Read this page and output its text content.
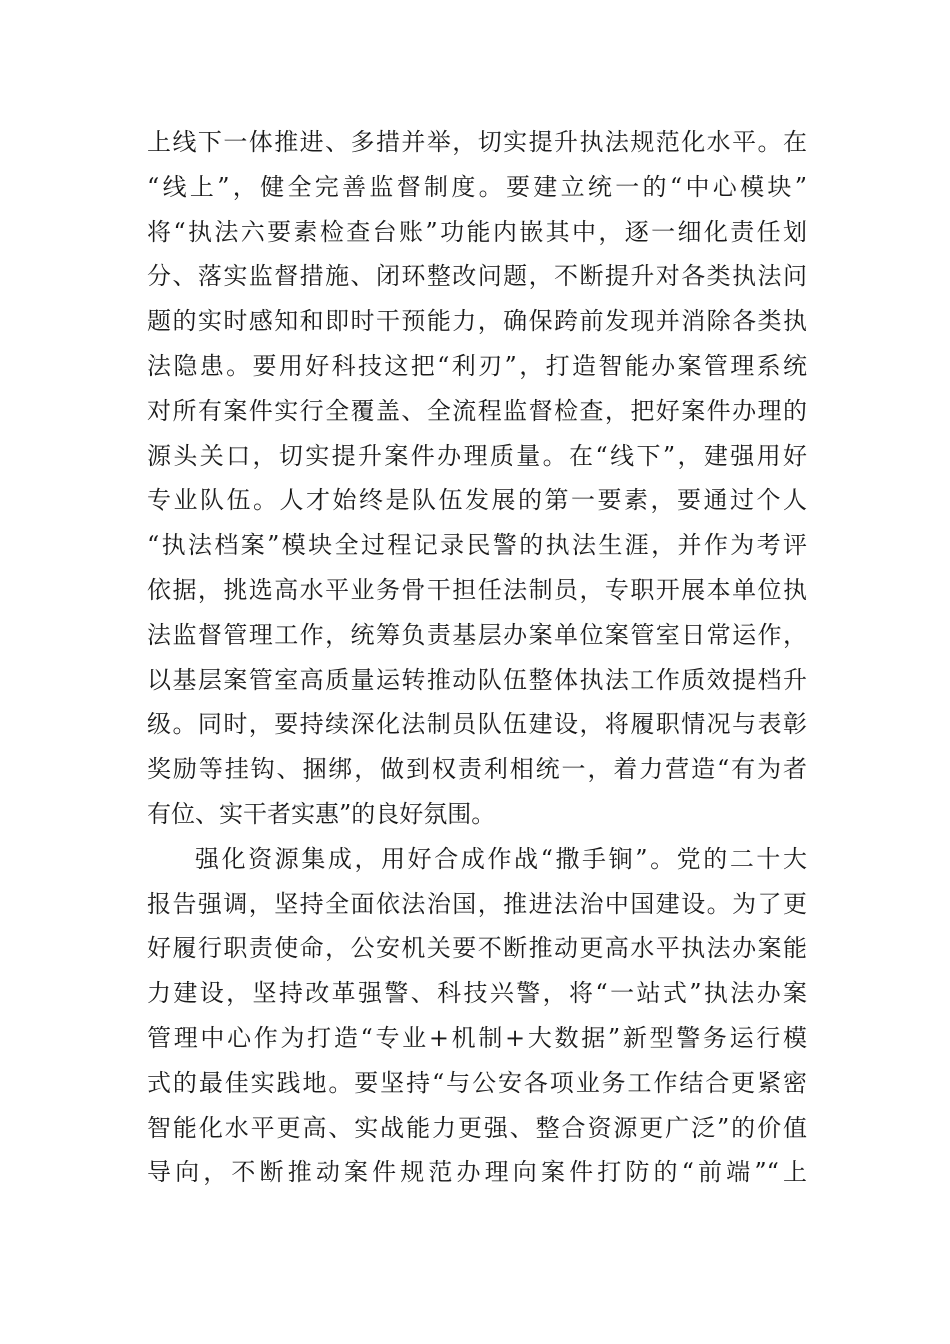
上线下一体推进、多措并举，切实提升执法规范化水平。在
“线上”，健全完善监督制度。要建立统一的“中心模块”
将“执法六要素检查台账”功能内嵌其中，逐一细化责任划
分、落实监督措施、闭环整改问题，不断提升对各类执法问
题的实时感知和即时干预能力，确保跨前发现并消除各类执
法隐患。要用好科技这把“利刃”，打造智能办案管理系统
对所有案件实行全覆盖、全流程监督检查，把好案件办理的
源头关口，切实提升案件办理质量。在“线下”，建强用好
专业队伍。人才始终是队伍发展的第一要素，要通过个人
“执法档案”模块全过程记录民警的执法生涯，并作为考评
依据，挑选高水平业务骨干担任法制员，专职开展本单位执
法监督管理工作，统筹负责基层办案单位案管室日常运作，
以基层案管室高质量运转推动队伍整体执法工作质效提档升
级。同时，要持续深化法制员队伍建设，将履职情况与表彰
奖励等挂钩、捆绑，做到权责利相统一，着力营造“有为者
有位、实干者实惠”的良好氛围。
强化资源集成，用好合成作战“撒手锏”。党的二十大
报告强调，坚持全面依法治国，推进法治中国建设。为了更
好履行职责使命，公安机关要不断推动更高水平执法办案能
力建设，坚持改革强警、科技兴警，将“一站式”执法办案
管理中心作为打造“专业+机制+大数据”新型警务运行模
式的最佳实践地。要坚持“与公安各项业务工作结合更紧密
智能化水平更高、实战能力更强、整合资源更广泛”的价值
导向，不断推动案件规范办理向案件打防的“前端”“上
